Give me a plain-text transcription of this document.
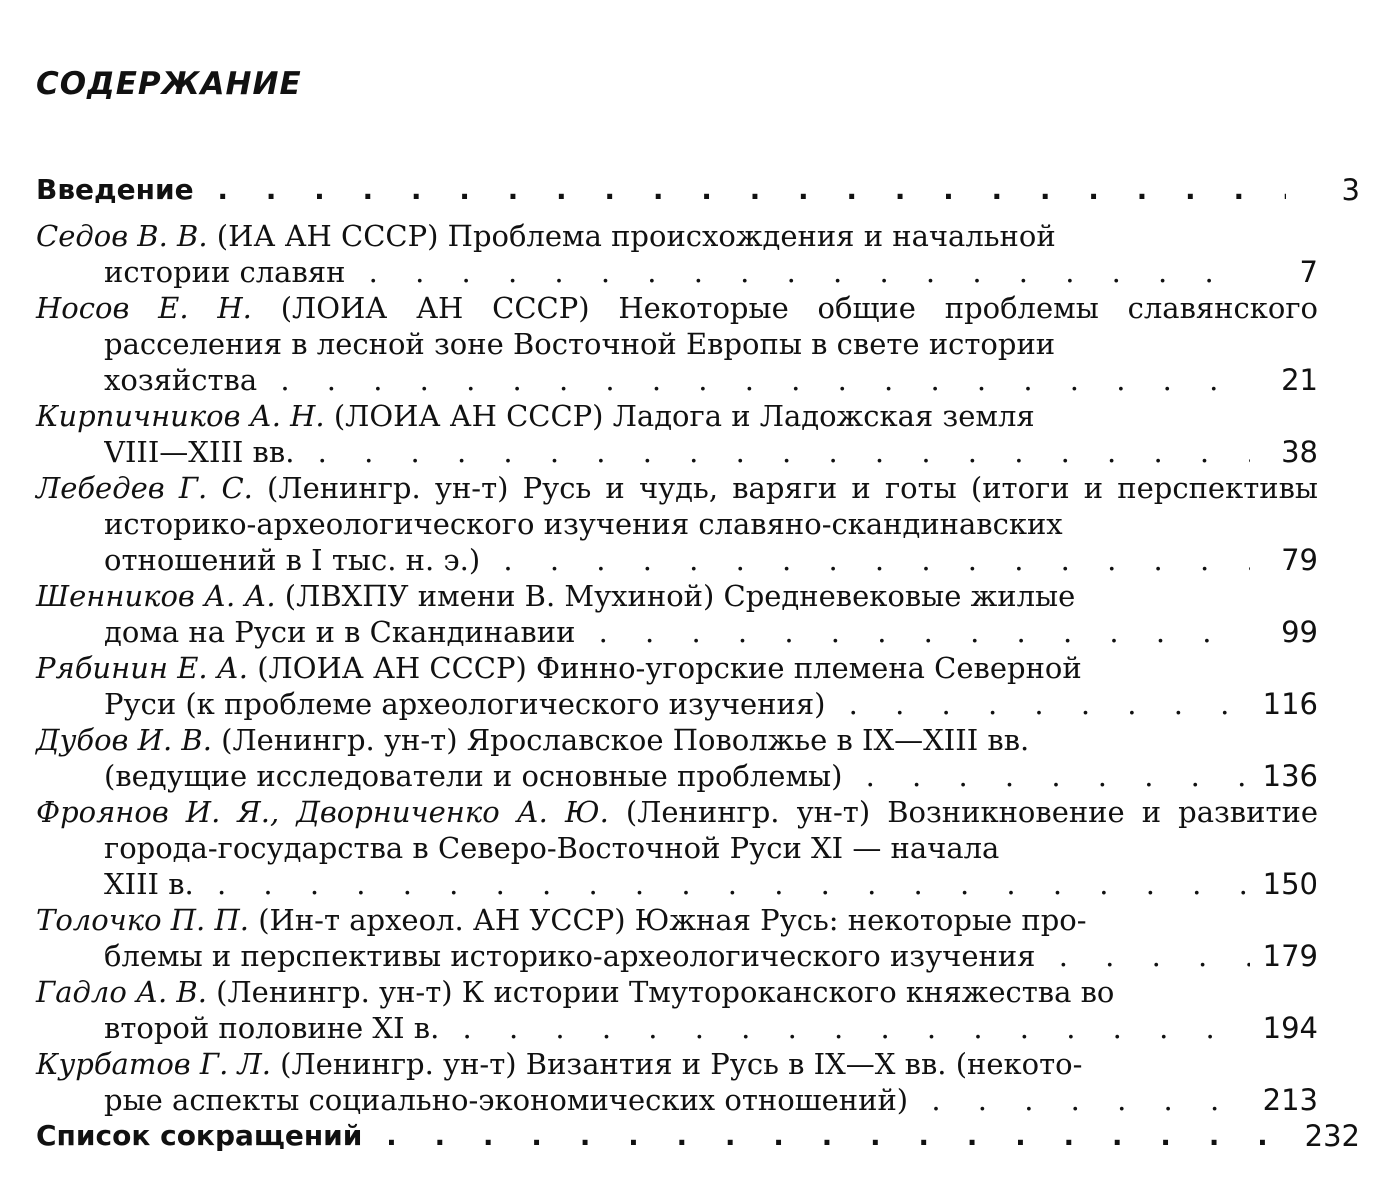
СОДЕРЖАНИЕ
Введение . . .	3
Седов В. В. (ИА АН СССР) Проблема происхождения и начальной
истории славян . . .	7
Носов Е. Н. (ЛОИА АН СССР) Некоторые общие проблемы славянского расселения в лесной зоне Восточной Европы в свете истории
хозяйства . . .	21
Кирпичников А. Н. (ЛОИА АН СССР) Ладога и Ладожская земля
VIII—XIII вв. . . .	38
Лебедев Г. С. (Ленингр. ун-т) Русь и чудь, варяги и готы (итоги и перспективы историко-археологического изучения славяно-скандинавских
отношений в I тыс. н. э.) . . .	79
Шенников А. А. (ЛВХПУ имени В. Мухиной) Средневековые жилые
дома на Руси и в Скандинавии . . .	99
Рябинин Е. А. (ЛОИА АН СССР) Финно-угорские племена Северной
Руси (к проблеме археологического изучения) . . .	116
Дубов И. В. (Ленингр. ун-т) Ярославское Поволжье в IX—XIII вв.
(ведущие исследователи и основные проблемы) . . .	136
Фроянов И. Я., Дворниченко А. Ю. (Ленингр. ун-т) Возникновение и развитие города-государства в Северо-Восточной Руси XI — начала
XIII в. . . .	150
Толочко П. П. (Ин-т археол. АН УССР) Южная Русь: некоторые про-
блемы и перспективы историко-археологического изучения . . .	179
Гадло А. В. (Ленингр. ун-т) К истории Тмутороканского княжества во
второй половине XI в. . . .	194
Курбатов Г. Л. (Ленингр. ун-т) Византия и Русь в IX—X вв. (некото-
рые аспекты социально-экономических отношений) . . .	213
Список сокращений . . .	232
